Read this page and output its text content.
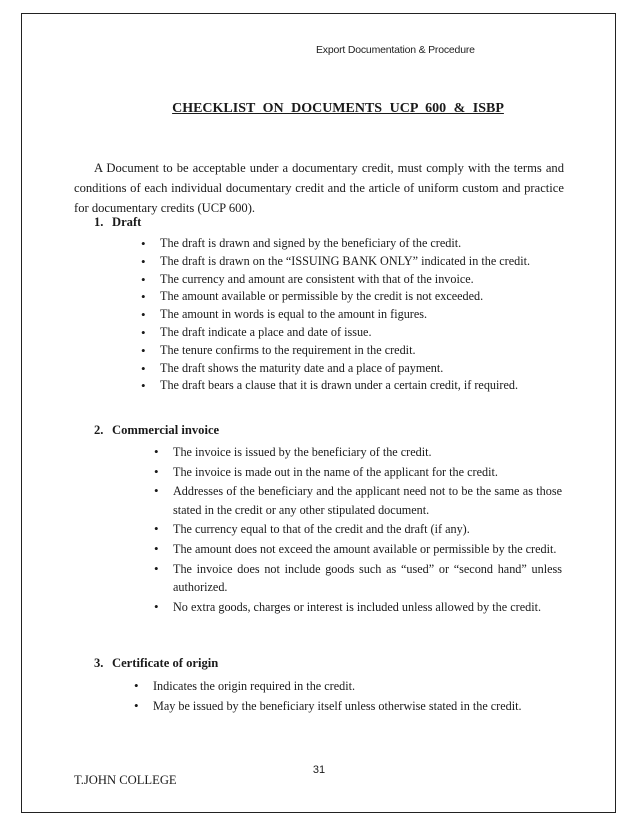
Export Documentation & Procedure
CHECKLIST ON DOCUMENTS UCP 600 & ISBP

A Document to be acceptable under a documentary credit, must comply with the terms and conditions of each individual documentary credit and the article of uniform custom and practice for documentary credits (UCP 600).

1. Draft
• The draft is drawn and signed by the beneficiary of the credit.
• The draft is drawn on the “ISSUING BANK ONLY” indicated in the credit.
• The currency and amount are consistent with that of the invoice.
• The amount available or permissible by the credit is not exceeded.
• The amount in words is equal to the amount in figures.
• The draft indicate a place and date of issue.
• The tenure confirms to the requirement in the credit.
• The draft shows the maturity date and a place of payment.
• The draft bears a clause that it is drawn under a certain credit, if required.
2. Commercial invoice
• The invoice is issued by the beneficiary of the credit.
• The invoice is made out in the name of the applicant for the credit.
• Addresses of the beneficiary and the applicant need not to be the same as those stated in the credit or any other stipulated document.
• The currency equal to that of the credit and the draft (if any).
• The amount does not exceed the amount available or permissible by the credit.
• The invoice does not include goods such as “used” or “second hand” unless authorized.
• No extra goods, charges or interest is included unless allowed by the credit.
3. Certificate of origin
• Indicates the origin required in the credit.
• May be issued by the beneficiary itself unless otherwise stated in the credit.
31
T.JOHN COLLEGE
